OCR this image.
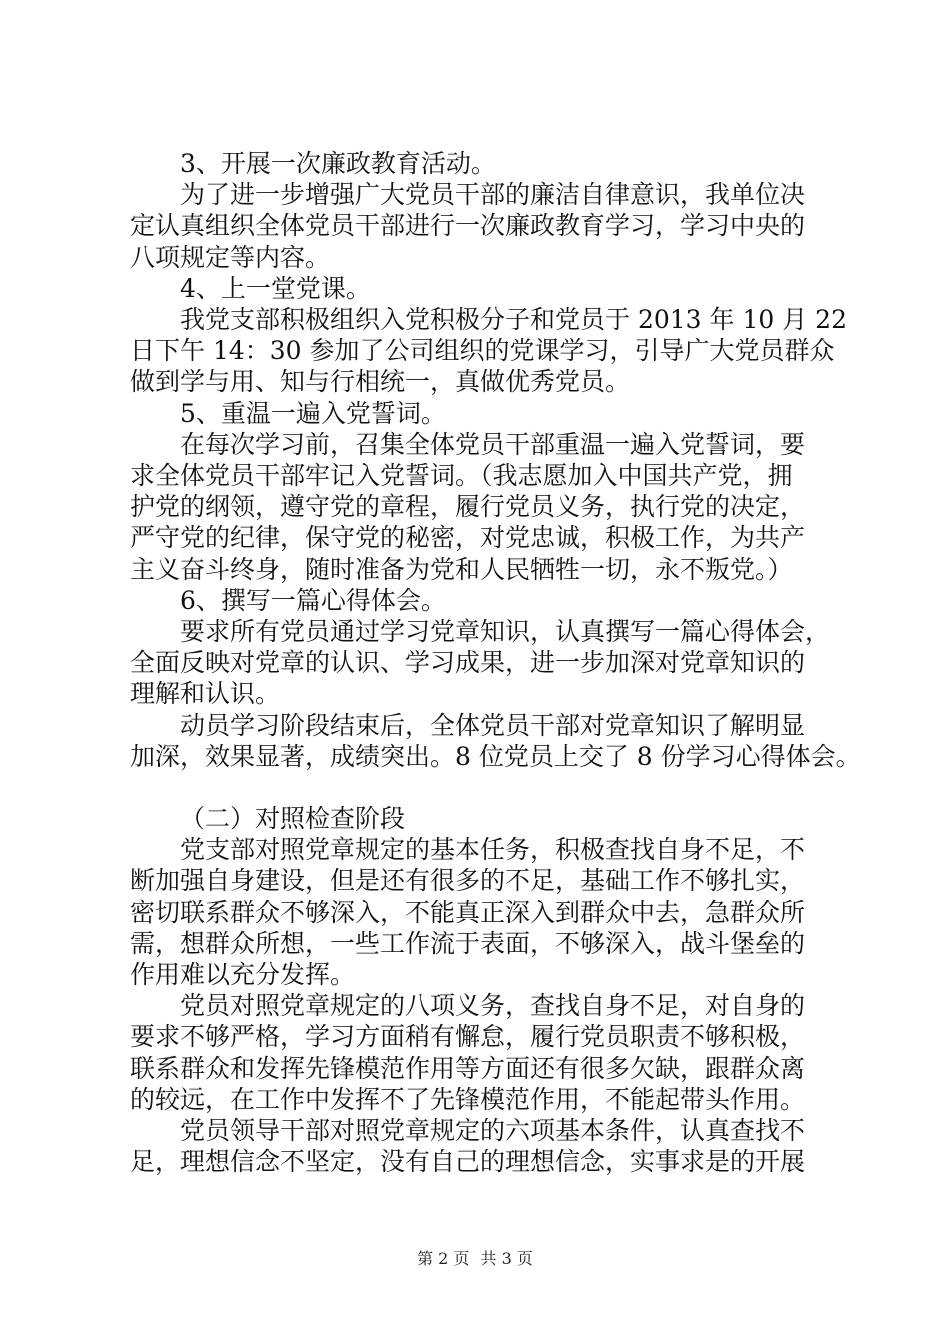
3、开展一次廉政教育活动。

为了进一步增强广大党员干部的廉洁自律意识，我单位决

定认真组织全体党员干部进行一次廉政教育学习，学习中央的

八项规定等内容。

4、上一堂党课。

我党支部积极组织入党积极分子和党员于 2013 年 10 月 22

日下午 14：30 参加了公司组织的党课学习，引导广大党员群众

做到学与用、知与行相统一，真做优秀党员。

5、重温一遍入党誓词。

在每次学习前，召集全体党员干部重温一遍入党誓词，要

求全体党员干部牢记入党誓词。（我志愿加入中国共产党，拥

护党的纲领，遵守党的章程，履行党员义务，执行党的决定，

严守党的纪律，保守党的秘密，对党忠诚，积极工作，为共产

主义奋斗终身，随时准备为党和人民牺牲一切，永不叛党。）

6、撰写一篇心得体会。

要求所有党员通过学习党章知识，认真撰写一篇心得体会，

全面反映对党章的认识、学习成果，进一步加深对党章知识的

理解和认识。

动员学习阶段结束后，全体党员干部对党章知识了解明显

加深，效果显著，成绩突出。8 位党员上交了 8 份学习心得体会。

（二）对照检查阶段

党支部对照党章规定的基本任务，积极查找自身不足，不

断加强自身建设，但是还有很多的不足，基础工作不够扎实，

密切联系群众不够深入，不能真正深入到群众中去，急群众所

需，想群众所想，一些工作流于表面，不够深入，战斗堡垒的

作用难以充分发挥。

党员对照党章规定的八项义务，查找自身不足，对自身的

要求不够严格，学习方面稍有懈怠，履行党员职责不够积极，

联系群众和发挥先锋模范作用等方面还有很多欠缺，跟群众离

的较远，在工作中发挥不了先锋模范作用，不能起带头作用。

党员领导干部对照党章规定的六项基本条件，认真查找不

足，理想信念不坚定，没有自己的理想信念，实事求是的开展

第 2 页 共 3 页
